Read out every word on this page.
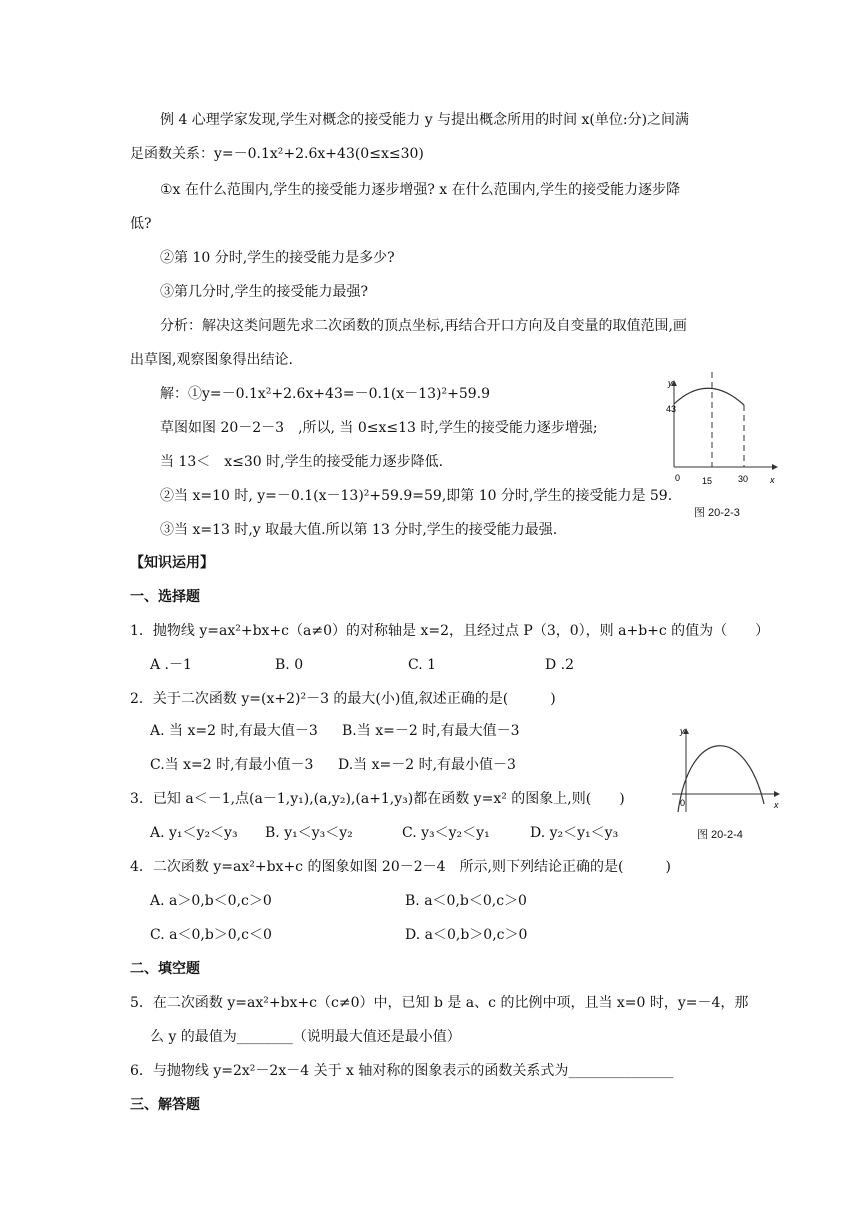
例 4 心理学家发现,学生对概念的接受能力 y 与提出概念所用的时间 x(单位:分)之间满
足函数关系：y=－0.1x²+2.6x+43(0≤x≤30)
①x 在什么范围内,学生的接受能力逐步增强? x 在什么范围内,学生的接受能力逐步降
低?
②第 10 分时,学生的接受能力是多少?
③第几分时,学生的接受能力最强?
分析：解决这类问题先求二次函数的顶点坐标,再结合开口方向及自变量的取值范围,画
出草图,观察图象得出结论.
解：①y=－0.1x²+2.6x+43=－0.1(x－13)²+59.9
草图如图 20－2－3　,所以, 当 0≤x≤13 时,学生的接受能力逐步增强;
当 13＜　x≤30 时,学生的接受能力逐步降低.
②当 x=10 时, y=－0.1(x－13)²+59.9=59,即第 10 分时,学生的接受能力是 59.
③当 x=13 时,y 取最大值.所以第 13 分时,学生的接受能力最强.
43
y
0 15	30 x
图 20-2-3
【知识运用】
一、选择题
1．抛物线 y=ax²+bx+c（a≠0）的对称轴是 x=2，且经过点 P（3，0），则 a+b+c 的值为（　　）
A .－1	B. 0	C. 1	D .2
2．关于二次函数 y=(x+2)²－3 的最大(小)值,叙述正确的是(　　　)
A. 当 x=2 时,有最大值－3 B.当 x=－2 时,有最大值－3
C.当 x=2 时,有最小值－3 D.当 x=－2 时,有最小值－3
3．已知 a＜－1,点(a－1,y₁),(a,y₂),(a+1,y₃)都在函数 y=x² 的图象上,则(　　)
A. y₁＜y₂＜y₃ B. y₁＜y₃＜y₂	C. y₃＜y₂＜y₁	D. y₂＜y₁＜y₃
4．二次函数 y=ax²+bx+c 的图象如图 20－2－4　所示,则下列结论正确的是(　　　)
A. a＞0,b＜0,c＞0	B. a＜0,b＜0,c＞0
C. a＜0,b＞0,c＜0	D. a＜0,b＞0,c＞0
y
0	x
图 20-2-4
二、填空题
5．在二次函数 y=ax²+bx+c（c≠0）中，已知 b 是 a、c 的比例中项，且当 x=0 时，y=－4，那
么 y 的最值为________（说明最大值还是最小值）
6．与抛物线 y=2x²－2x－4 关于 x 轴对称的图象表示的函数关系式为_______________
三、解答题
